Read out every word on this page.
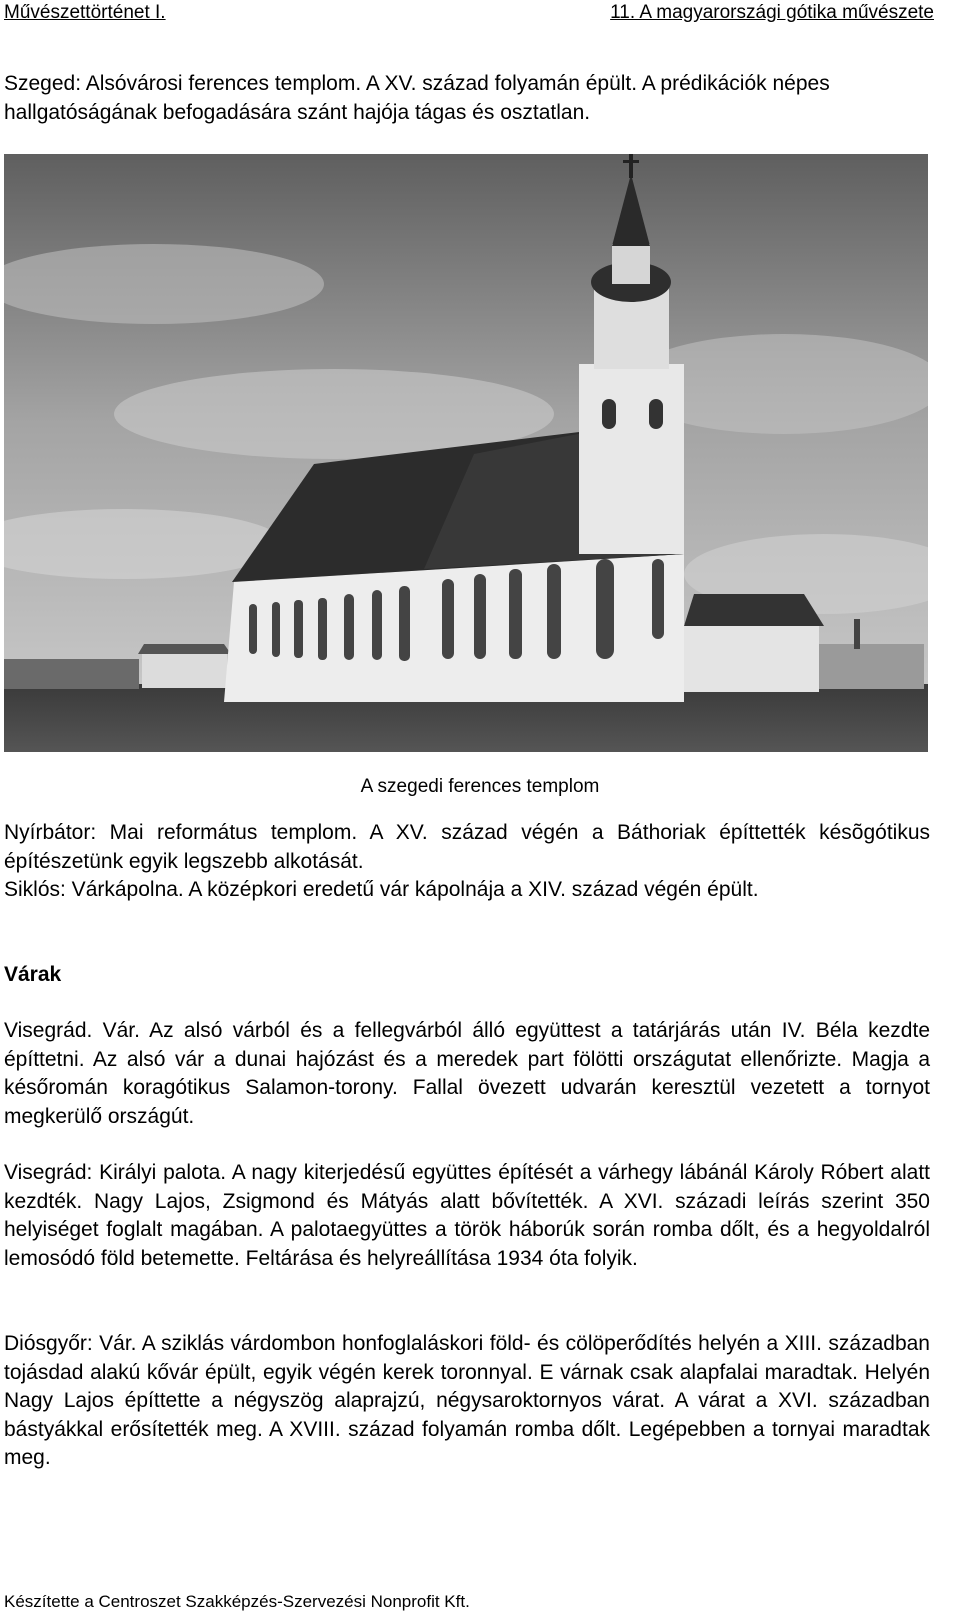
Művészettörténet I.	11. A magyarországi gótika művészete

Szeged: Alsóvárosi ferences templom. A XV. század folyamán épült. A prédikációk népes hallgatóságának befogadására szánt hajója tágas és osztatlan.

A szegedi ferences templom

Nyírbátor: Mai református templom. A XV. század végén a Báthoriak építtették késõgótikus építészetünk egyik legszebb alkotását.

Siklós: Várkápolna. A középkori eredetű vár kápolnája a XIV. század végén épült.

Várak

Visegrád. Vár. Az alsó várból és a fellegvárból álló együttest a tatárjárás után IV. Béla kezdte építtetni. Az alsó vár a dunai hajózást és a meredek part fölötti országutat ellenőrizte. Magja a későromán koragótikus Salamon-torony. Fallal övezett udvarán keresztül vezetett a tornyot megkerülő országút.

Visegrád: Királyi palota. A nagy kiterjedésű együttes építését a várhegy lábánál Károly Róbert alatt kezdték. Nagy Lajos, Zsigmond és Mátyás alatt bővítették. A XVI. századi leírás szerint 350 helyiséget foglalt magában. A palotaegyüttes a török háborúk során romba dőlt, és a hegyoldalról lemosódó föld betemette. Feltárása és helyreállítása 1934 óta folyik.

Diósgyőr: Vár. A sziklás várdombon honfoglaláskori föld- és cölöperődítés helyén a XIII. században tojásdad alakú kővár épült, egyik végén kerek toronnyal. E várnak csak alapfalai maradtak. Helyén Nagy Lajos építtette a négyszög alaprajzú, négysaroktornyos várat. A várat a XVI. században bástyákkal erősítették meg. A XVIII. század folyamán romba dőlt. Legépebben a tornyai maradtak meg.

Készítette a Centroszet Szakképzés-Szervezési Nonprofit Kft.
